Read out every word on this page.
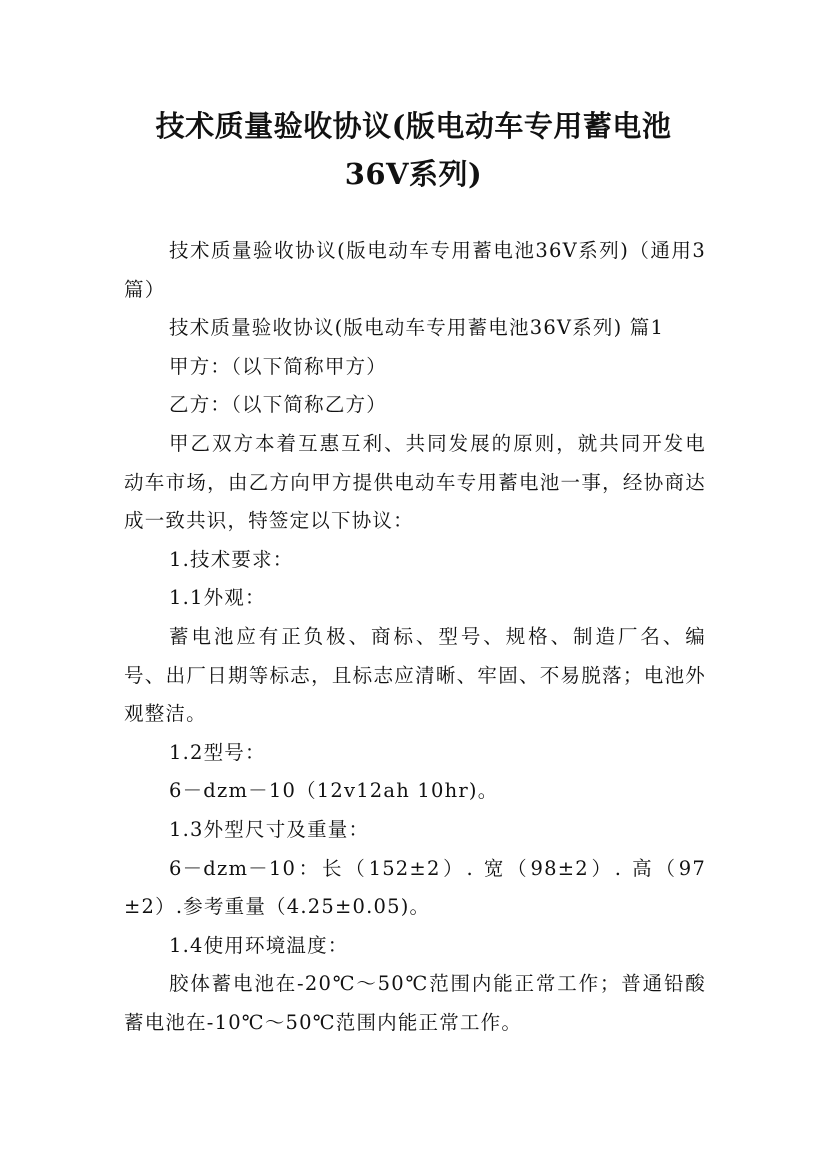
技术质量验收协议(版电动车专用蓄电池
36V系列)

技术质量验收协议(版电动车专用蓄电池36V系列)（通用3篇）

技术质量验收协议(版电动车专用蓄电池36V系列) 篇1

甲方：（以下简称甲方）

乙方：（以下简称乙方）

甲乙双方本着互惠互利、共同发展的原则，就共同开发电动车市场，由乙方向甲方提供电动车专用蓄电池一事，经协商达成一致共识，特签定以下协议：

1.技术要求：

1.1外观：

蓄电池应有正负极、商标、型号、规格、制造厂名、编号、出厂日期等标志，且标志应清晰、牢固、不易脱落；电池外观整洁。

1.2型号：

6－dzm－10（12v12ah 10hr)。

1.3外型尺寸及重量：

6－dzm－10：长（152±2）. 宽（98±2）. 高（97±2）.参考重量（4.25±0.05)。

1.4使用环境温度：

胶体蓄电池在-20℃～50℃范围内能正常工作；普通铅酸蓄电池在-10℃～50℃范围内能正常工作。
